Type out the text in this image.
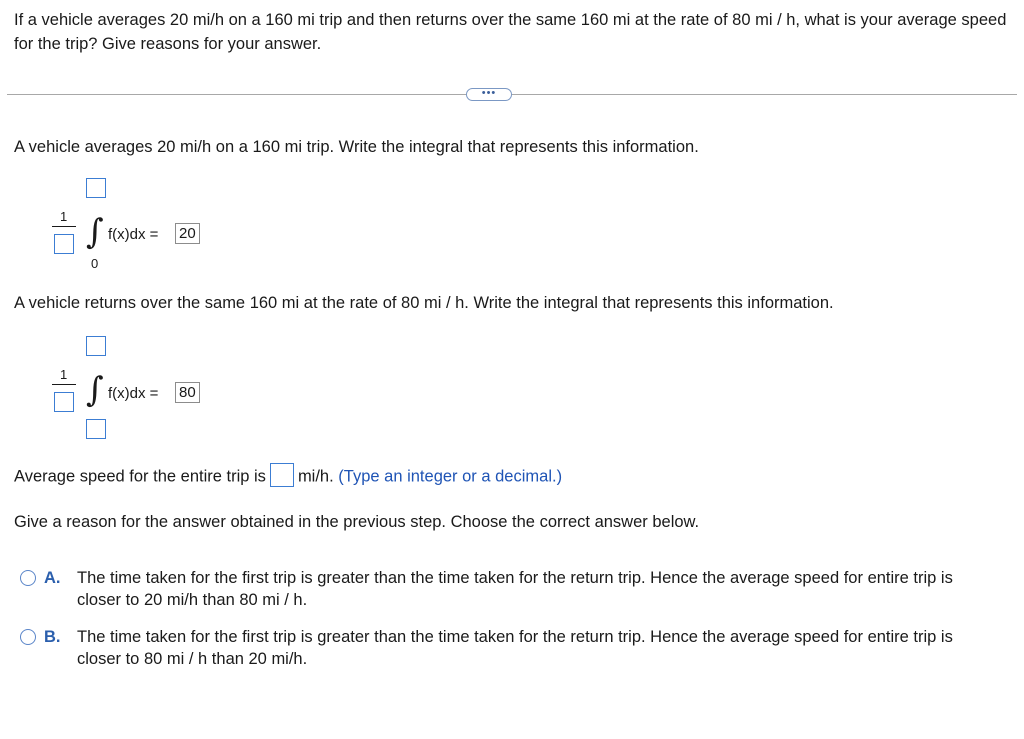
If a vehicle averages 20 mi/h on a 160 mi trip and then returns over the same 160 mi at the rate of 80 mi / h, what is your average speed for the trip? Give reasons for your answer.
•••
A vehicle averages 20 mi/h on a 160 mi trip. Write the integral that represents this information.
1 ∫ f(x)dx = 20
0
A vehicle returns over the same 160 mi at the rate of 80 mi / h. Write the integral that represents this information.
1 ∫ f(x)dx = 80
Average speed for the entire trip is mi/h. (Type an integer or a decimal.)
Give a reason for the answer obtained in the previous step. Choose the correct answer below.
A. The time taken for the first trip is greater than the time taken for the return trip. Hence the average speed for entire trip is closer to 20 mi/h than 80 mi / h.
B. The time taken for the first trip is greater than the time taken for the return trip. Hence the average speed for entire trip is closer to 80 mi / h than 20 mi/h.
